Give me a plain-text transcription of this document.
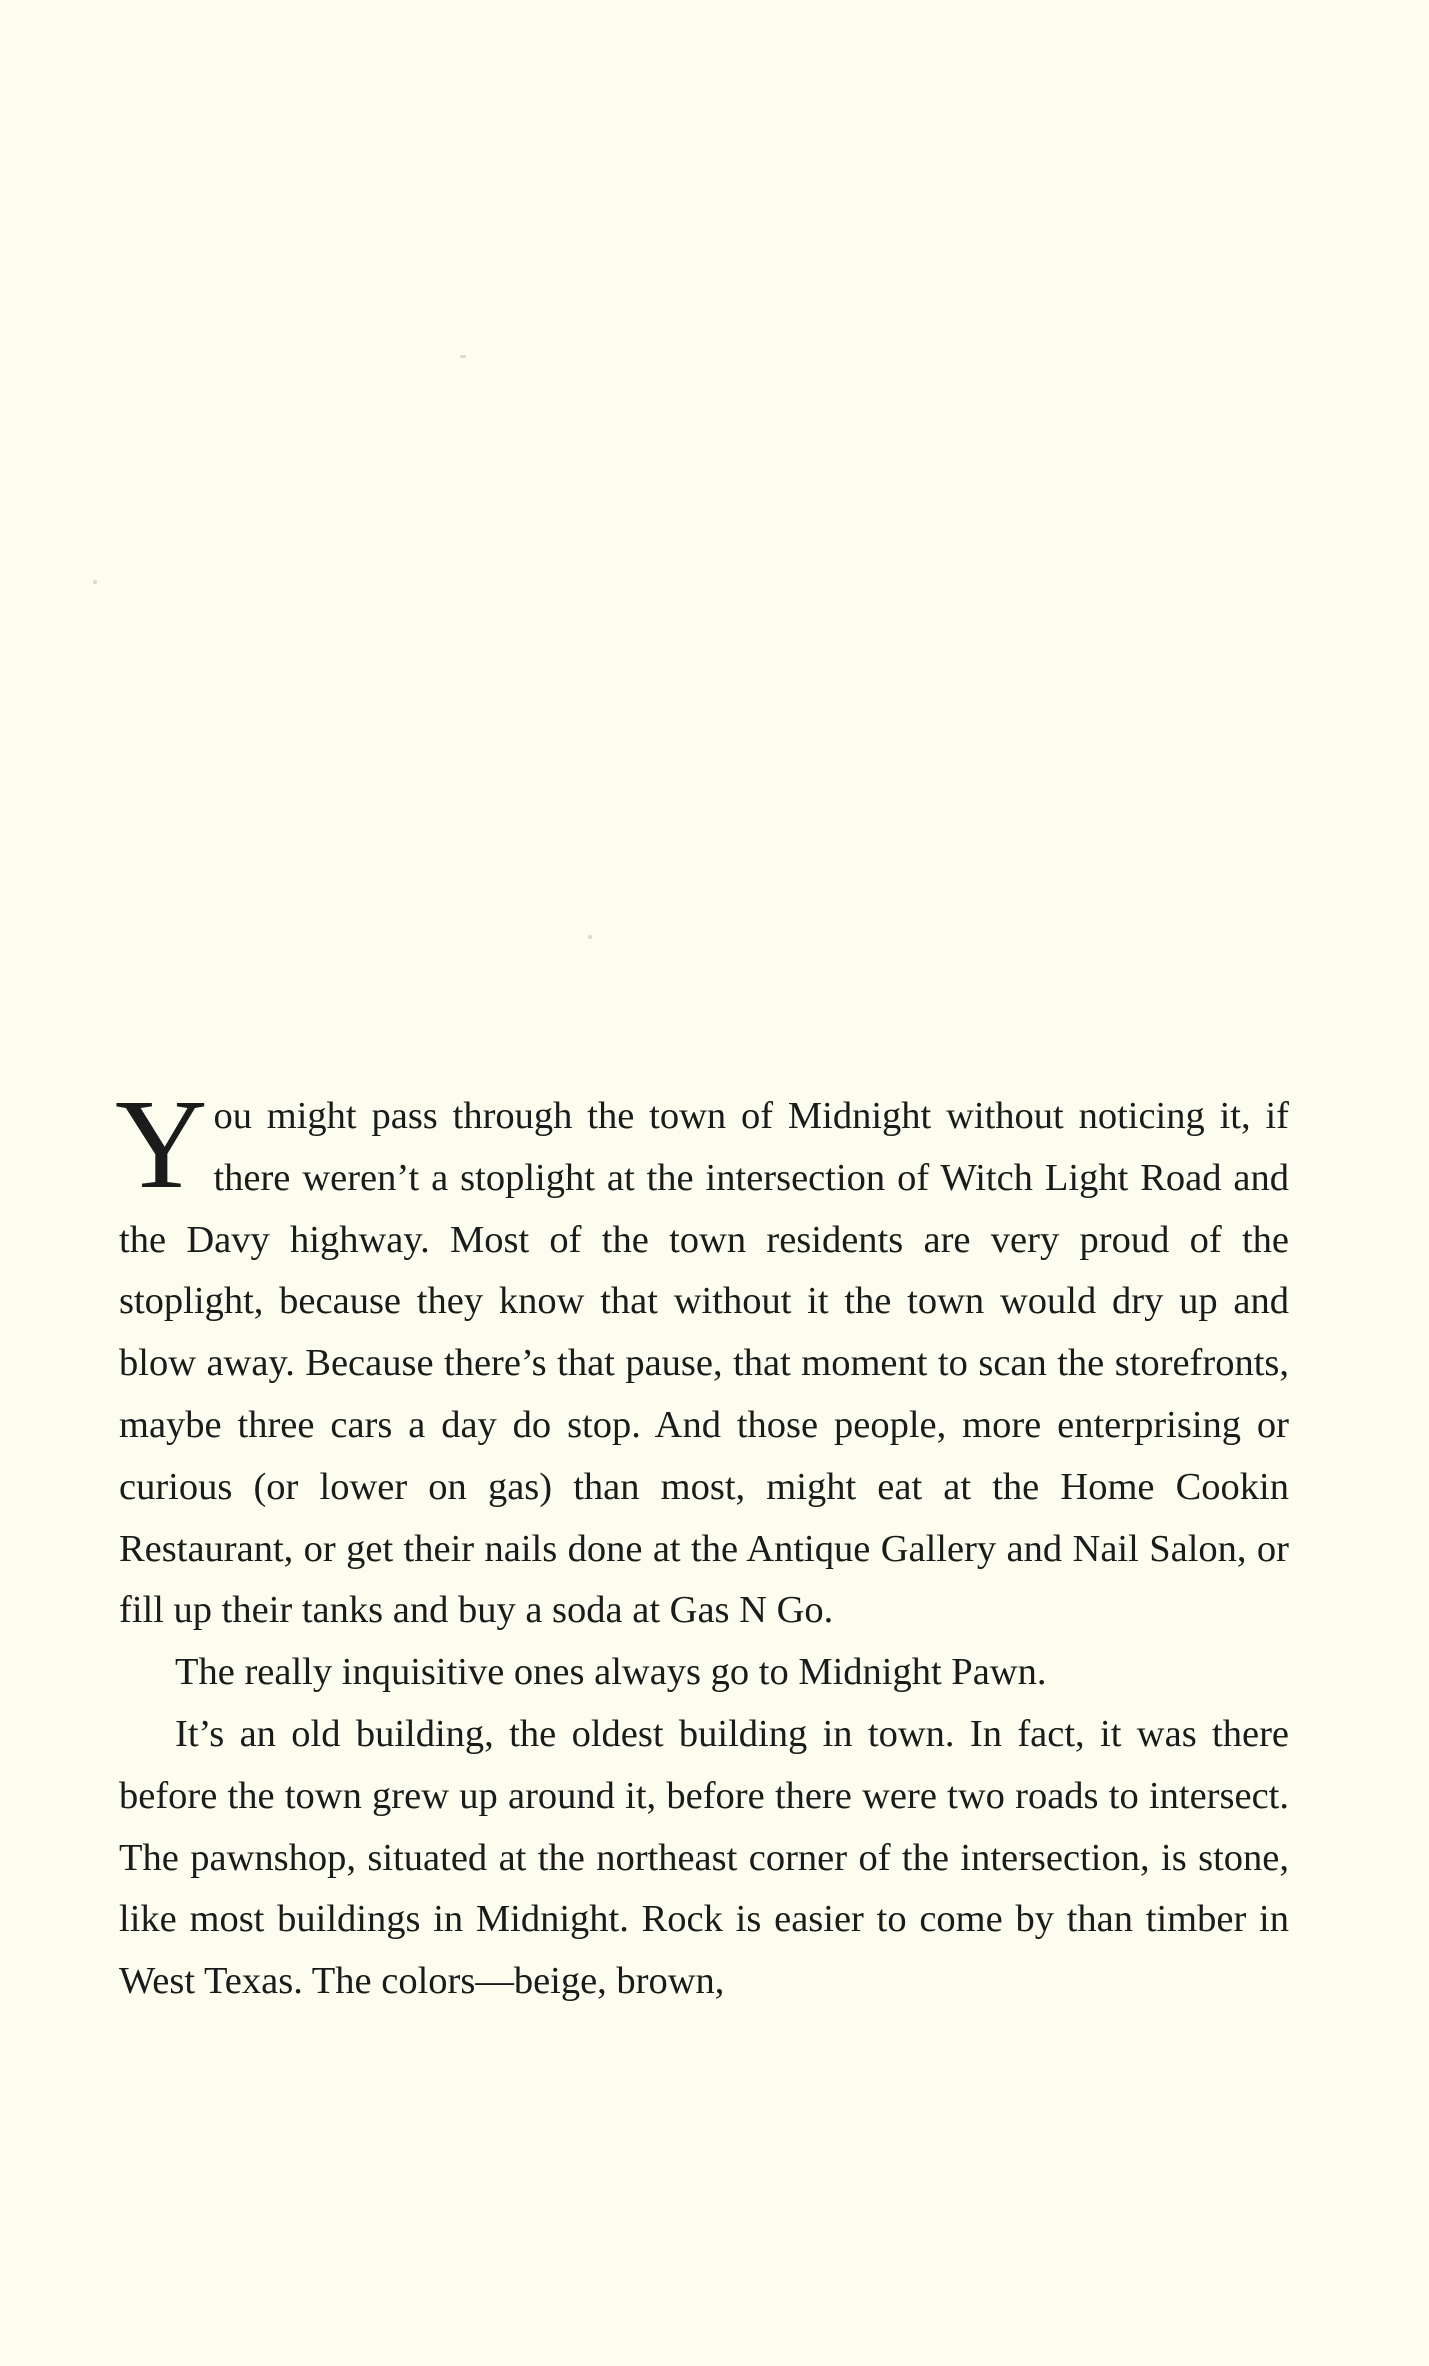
You might pass through the town of Midnight without noticing it, if there weren’t a stoplight at the intersection of Witch Light Road and the Davy highway. Most of the town residents are very proud of the stoplight, because they know that without it the town would dry up and blow away. Because there’s that pause, that moment to scan the storefronts, maybe three cars a day do stop. And those people, more enterprising or curious (or lower on gas) than most, might eat at the Home Cookin Restaurant, or get their nails done at the Antique Gallery and Nail Salon, or fill up their tanks and buy a soda at Gas N Go.

The really inquisitive ones always go to Midnight Pawn.

It’s an old building, the oldest building in town. In fact, it was there before the town grew up around it, before there were two roads to intersect. The pawnshop, situated at the northeast corner of the intersection, is stone, like most buildings in Midnight. Rock is easier to come by than timber in West Texas. The colors—beige, brown,
